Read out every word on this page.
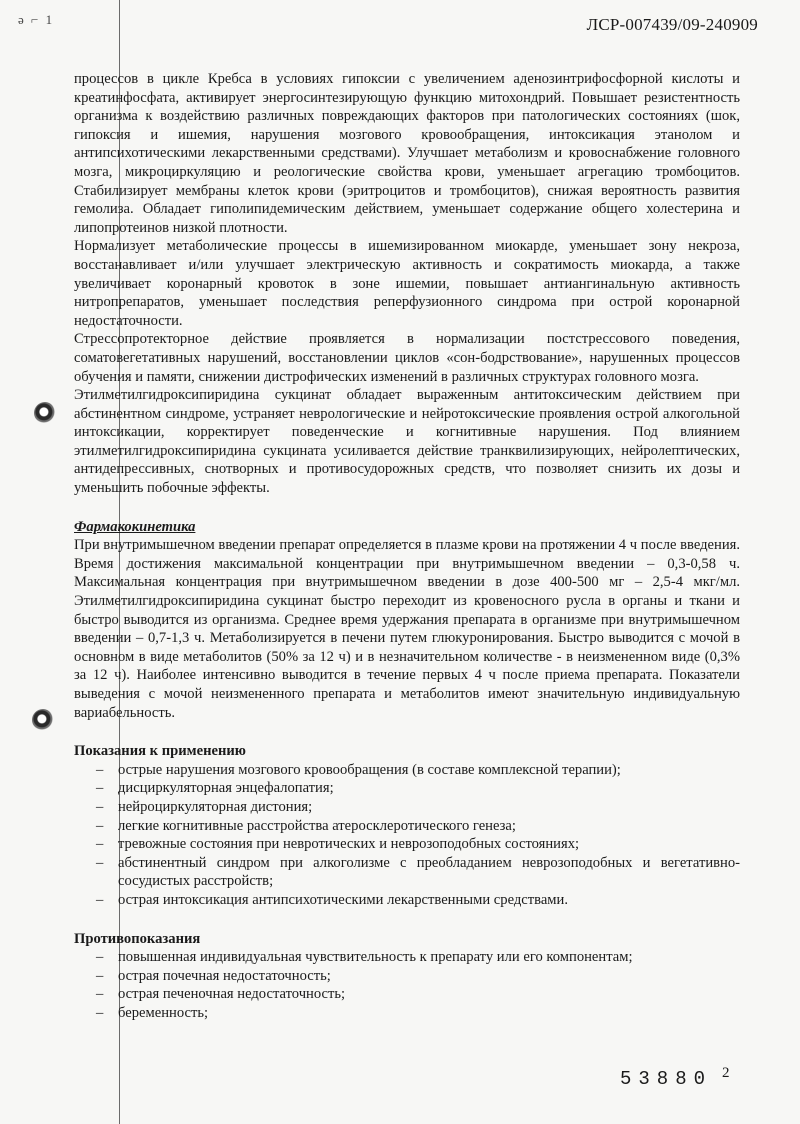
ə ⌐ 1	ЛСР-007439/09-240909

процессов в цикле Кребса в условиях гипоксии с увеличением аденозинтрифосфорной кислоты и креатинфосфата, активирует энергосинтезирующую функцию митохондрий. Повышает резистентность организма к воздействию различных повреждающих факторов при патологических состояниях (шок, гипоксия и ишемия, нарушения мозгового кровообращения, интоксикация этанолом и антипсихотическими лекарственными средствами). Улучшает метаболизм и кровоснабжение головного мозга, микроциркуляцию и реологические свойства крови, уменьшает агрегацию тромбоцитов. Стабилизирует мембраны клеток крови (эритроцитов и тромбоцитов), снижая вероятность развития гемолиза. Обладает гиполипидемическим действием, уменьшает содержание общего холестерина и липопротеинов низкой плотности.

Нормализует метаболические процессы в ишемизированном миокарде, уменьшает зону некроза, восстанавливает и/или улучшает электрическую активность и сократимость миокарда, а также увеличивает коронарный кровоток в зоне ишемии, повышает антиангинальную активность нитропрепаратов, уменьшает последствия реперфузионного синдрома при острой коронарной недостаточности.

Стрессопротекторное действие проявляется в нормализации постстрессового поведения, соматовегетативных нарушений, восстановлении циклов «сон-бодрствование», нарушенных процессов обучения и памяти, снижении дистрофических изменений в различных структурах головного мозга.

Этилметилгидроксипиридина сукцинат обладает выраженным антитоксическим действием при абстинентном синдроме, устраняет неврологические и нейротоксические проявления острой алкогольной интоксикации, корректирует поведенческие и когнитивные нарушения. Под влиянием этилметилгидроксипиридина сукцината усиливается действие транквилизирующих, нейролептических, антидепрессивных, снотворных и противосудорожных средств, что позволяет снизить их дозы и уменьшить побочные эффекты.

Фармакокинетика

При внутримышечном введении препарат определяется в плазме крови на протяжении 4 ч после введения. Время достижения максимальной концентрации при внутримышечном введении – 0,3-0,58 ч. Максимальная концентрация при внутримышечном введении в дозе 400-500 мг – 2,5-4 мкг/мл. Этилметилгидроксипиридина сукцинат быстро переходит из кровеносного русла в органы и ткани и быстро выводится из организма. Среднее время удержания препарата в организме при внутримышечном введении – 0,7-1,3 ч. Метаболизируется в печени путем глюкуронирования. Быстро выводится с мочой в основном в виде метаболитов (50% за 12 ч) и в незначительном количестве - в неизмененном виде (0,3% за 12 ч). Наиболее интенсивно выводится в течение первых 4 ч после приема препарата. Показатели выведения с мочой неизмененного препарата и метаболитов имеют значительную индивидуальную вариабельность.

Показания к применению

– острые нарушения мозгового кровообращения (в составе комплексной терапии);
– дисциркуляторная энцефалопатия;
– нейроциркуляторная дистония;
– легкие когнитивные расстройства атеросклеротического генеза;
– тревожные состояния при невротических и неврозоподобных состояниях;
– абстинентный синдром при алкоголизме с преобладанием неврозоподобных и вегетативно-сосудистых расстройств;
– острая интоксикация антипсихотическими лекарственными средствами.

Противопоказания

– повышенная индивидуальная чувствительность к препарату или его компонентам;
– острая почечная недостаточность;
– острая печеночная недостаточность;
– беременность;
53880 2
